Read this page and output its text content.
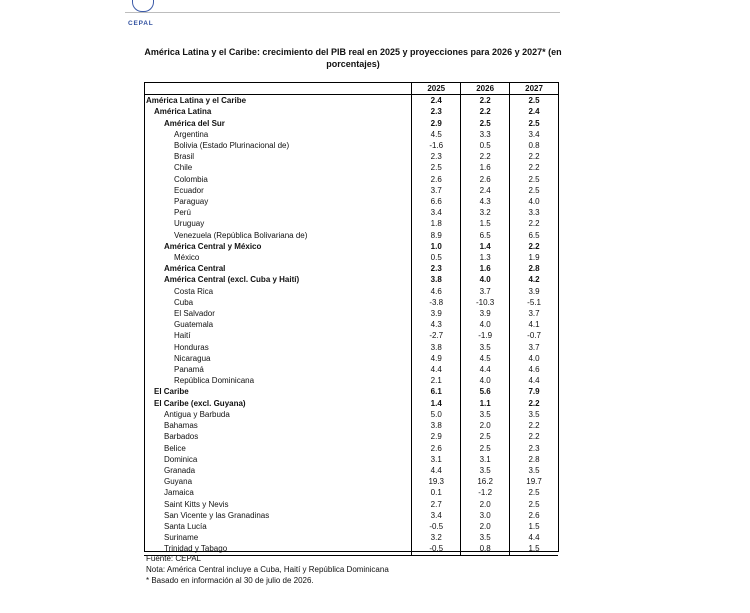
CEPAL
América Latina y el Caribe: crecimiento del PIB real en 2025 y proyecciones para 2026 y 2027* (en porcentajes)
	2025	2026	2027
América Latina y el Caribe	2.4	2.2	2.5
América Latina	2.3	2.2	2.4
América del Sur	2.9	2.5	2.5
Argentina	4.5	3.3	3.4
Bolivia (Estado Plurinacional de)	-1.6	0.5	0.8
Brasil	2.3	2.2	2.2
Chile	2.5	1.6	2.2
Colombia	2.6	2.6	2.5
Ecuador	3.7	2.4	2.5
Paraguay	6.6	4.3	4.0
Perú	3.4	3.2	3.3
Uruguay	1.8	1.5	2.2
Venezuela (República Bolivariana de)	8.9	6.5	6.5
América Central y México	1.0	1.4	2.2
México	0.5	1.3	1.9
América Central	2.3	1.6	2.8
América Central (excl. Cuba y Haití)	3.8	4.0	4.2
Costa Rica	4.6	3.7	3.9
Cuba	-3.8	-10.3	-5.1
El Salvador	3.9	3.9	3.7
Guatemala	4.3	4.0	4.1
Haití	-2.7	-1.9	-0.7
Honduras	3.8	3.5	3.7
Nicaragua	4.9	4.5	4.0
Panamá	4.4	4.4	4.6
República Dominicana	2.1	4.0	4.4
El Caribe	6.1	5.6	7.9
El Caribe (excl. Guyana)	1.4	1.1	2.2
Antigua y Barbuda	5.0	3.5	3.5
Bahamas	3.8	2.0	2.2
Barbados	2.9	2.5	2.2
Belice	2.6	2.5	2.3
Dominica	3.1	3.1	2.8
Granada	4.4	3.5	3.5
Guyana	19.3	16.2	19.7
Jamaica	0.1	-1.2	2.5
Saint Kitts y Nevis	2.7	2.0	2.5
San Vicente y las Granadinas	3.4	3.0	2.6
Santa Lucía	-0.5	2.0	1.5
Suriname	3.2	3.5	4.4
Trinidad y Tabago	-0.5	0.8	1.5
Fuente: CEPAL
Nota: América Central incluye a Cuba, Haití y República Dominicana
* Basado en información al 30 de julio de 2026.
